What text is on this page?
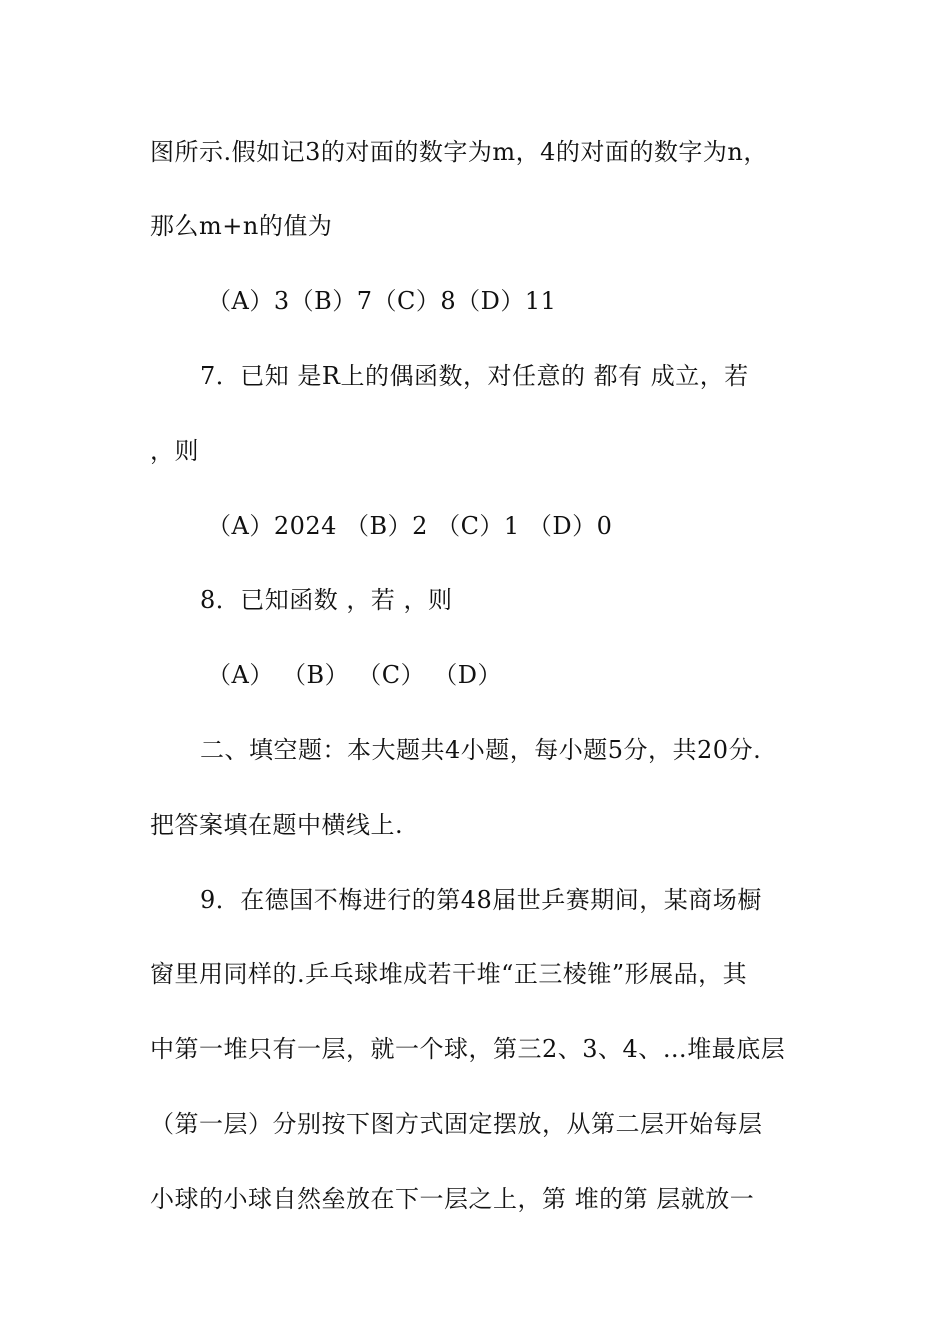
图所示.假如记3的对面的数字为m，4的对面的数字为n，
那么m+n的值为
（A）3（B）7（C）8（D）11
7．已知 是R上的偶函数，对任意的 都有 成立，若
，则
（A）2024 （B）2 （C）1 （D）0
8．已知函数 ，若 ，则
（A） （B） （C） （D）
二、填空题：本大题共4小题，每小题5分，共20分.
把答案填在题中横线上.
9．在德国不梅进行的第48届世乒赛期间，某商场橱
窗里用同样的.乒乓球堆成若干堆“正三棱锥”形展品，其
中第一堆只有一层，就一个球，第三2、3、4、…堆最底层
（第一层）分别按下图方式固定摆放，从第二层开始每层
小球的小球自然垒放在下一层之上，第 堆的第 层就放一
